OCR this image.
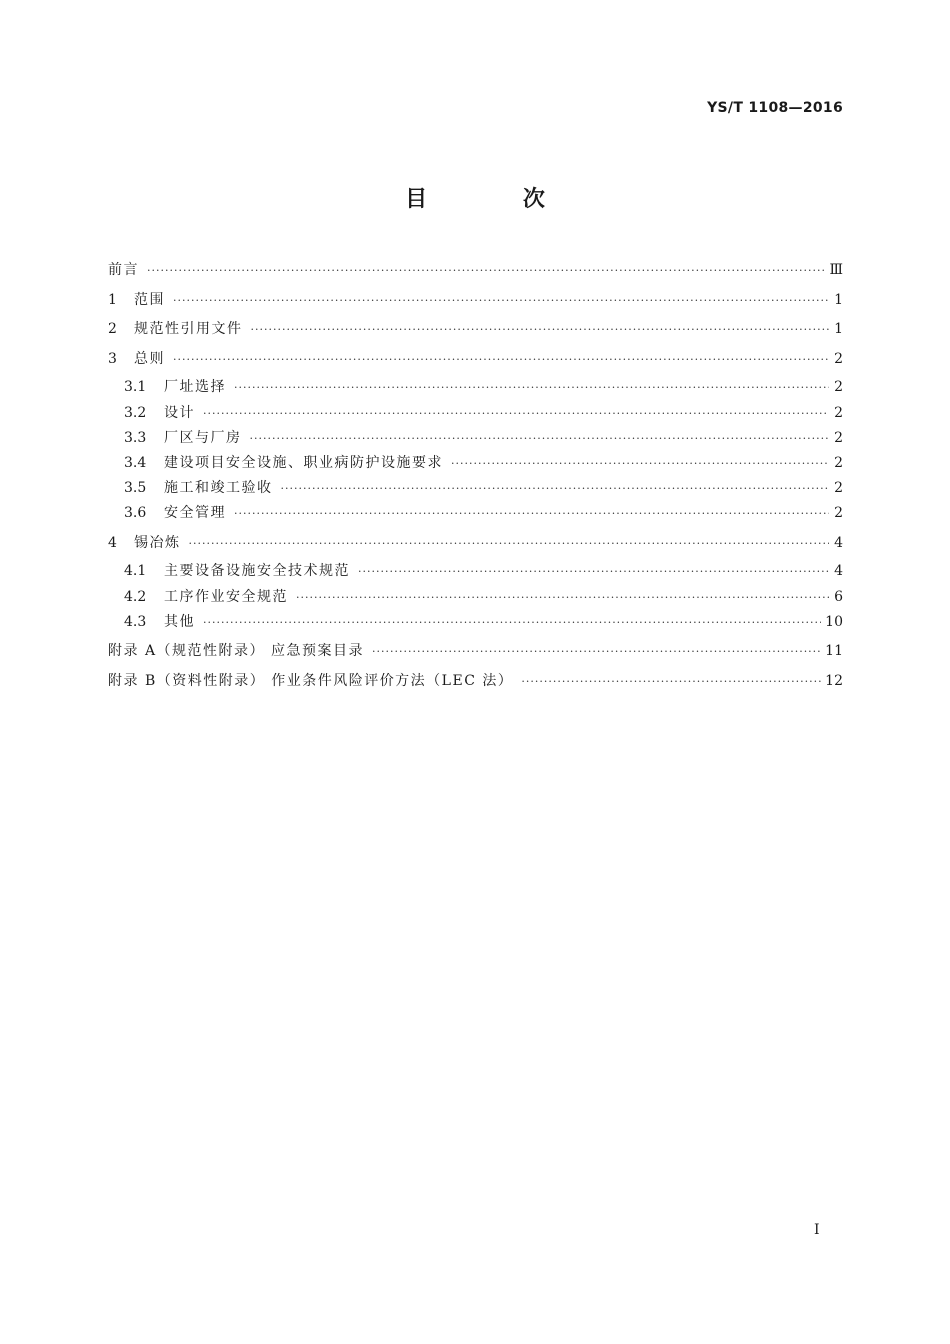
YS/T 1108—2016
目 次
前言 ·····	Ⅲ
1	范围 ·····	1
2	规范性引用文件 ·····	1
3	总则 ·····	2
3.1	厂址选择 ·····	2
3.2	设计 ·····	2
3.3	厂区与厂房 ·····	2
3.4	建设项目安全设施、职业病防护设施要求 ·····	2
3.5	施工和竣工验收 ·····	2
3.6	安全管理 ·····	2
4	锡冶炼 ·····	4
4.1	主要设备设施安全技术规范 ·····	4
4.2	工序作业安全规范 ·····	6
4.3	其他 ·····	10
附录 A（规范性附录） 应急预案目录 ·····	11
附录 B（资料性附录） 作业条件风险评价方法（LEC 法） ·····	12
Ⅰ
